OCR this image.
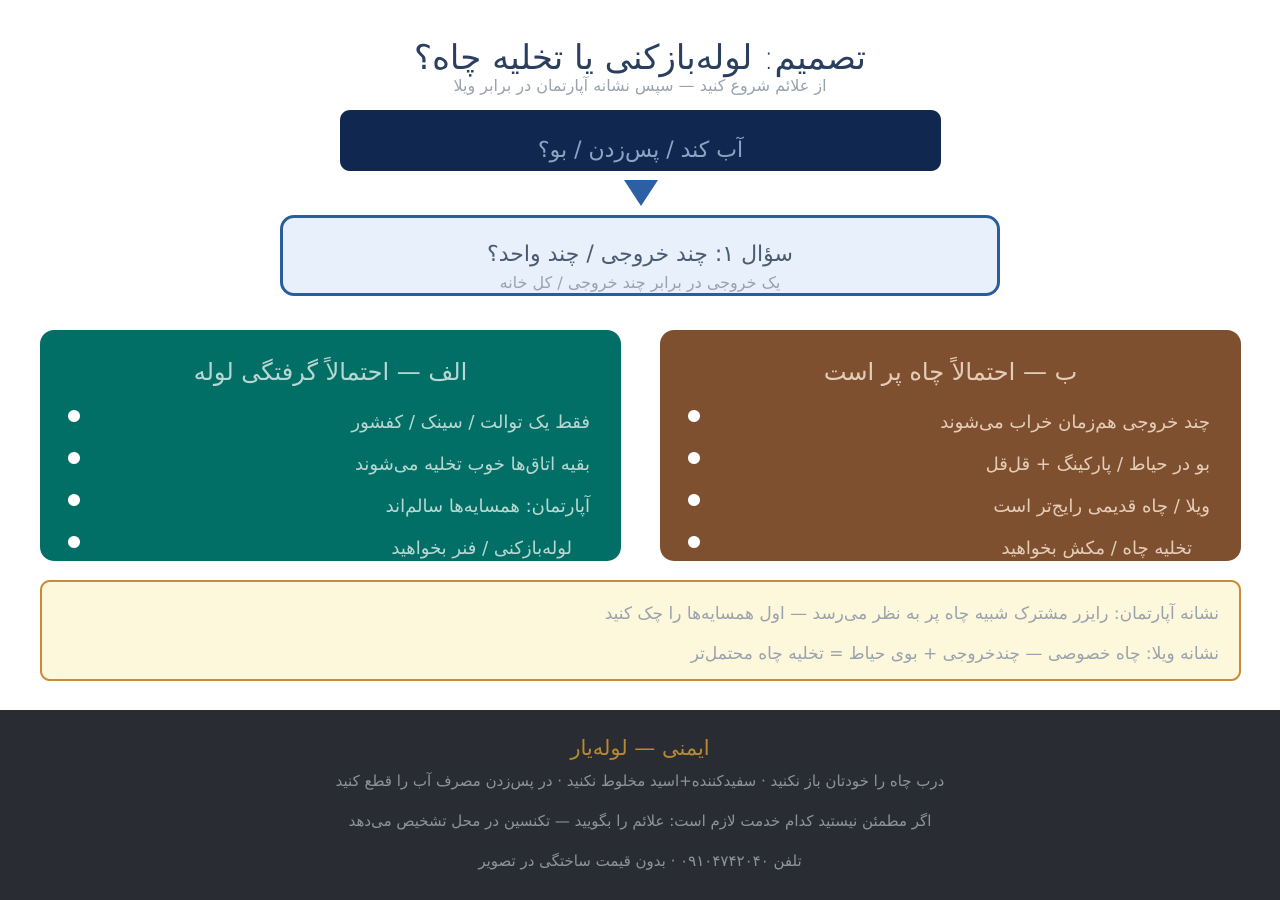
تصمیم: لوله‌بازکنی یا تخلیه چاه؟
از علائم شروع کنید — سپس نشانه آپارتمان در برابر ویلا
آب کند / پس‌زدن / بو؟
سؤال ۱: چند خروجی / چند واحد؟
یک خروجی در برابر چند خروجی / کل خانه
الف — احتمالاً گرفتگی لوله
فقط یک توالت / سینک / کفشور
بقیه اتاق‌ها خوب تخلیه می‌شوند
آپارتمان: همسایه‌ها سالم‌اند
 لوله‌بازکنی / فنر بخواهید
ب — احتمالاً چاه پر است
چند خروجی هم‌زمان خراب می‌شوند
بو در حیاط / پارکینگ + قل‌قل
ویلا / چاه قدیمی رایج‌تر است
 تخلیه چاه / مکش بخواهید
نشانه آپارتمان: رایزر مشترک شبیه چاه پر به نظر می‌رسد — اول همسایه‌ها را چک کنید
نشانه ویلا: چاه خصوصی — چندخروجی + بوی حیاط = تخلیه چاه محتمل‌تر
ایمنی — لوله‌یار
درب چاه را خودتان باز نکنید · سفیدکننده+اسید مخلوط نکنید · در پس‌زدن مصرف آب را قطع کنید
اگر مطمئن نیستید کدام خدمت لازم است: علائم را بگویید — تکنسین در محل تشخیص می‌دهد
تلفن ۰۹۱۰۴۷۴۲۰۴۰ · بدون قیمت ساختگی در تصویر
